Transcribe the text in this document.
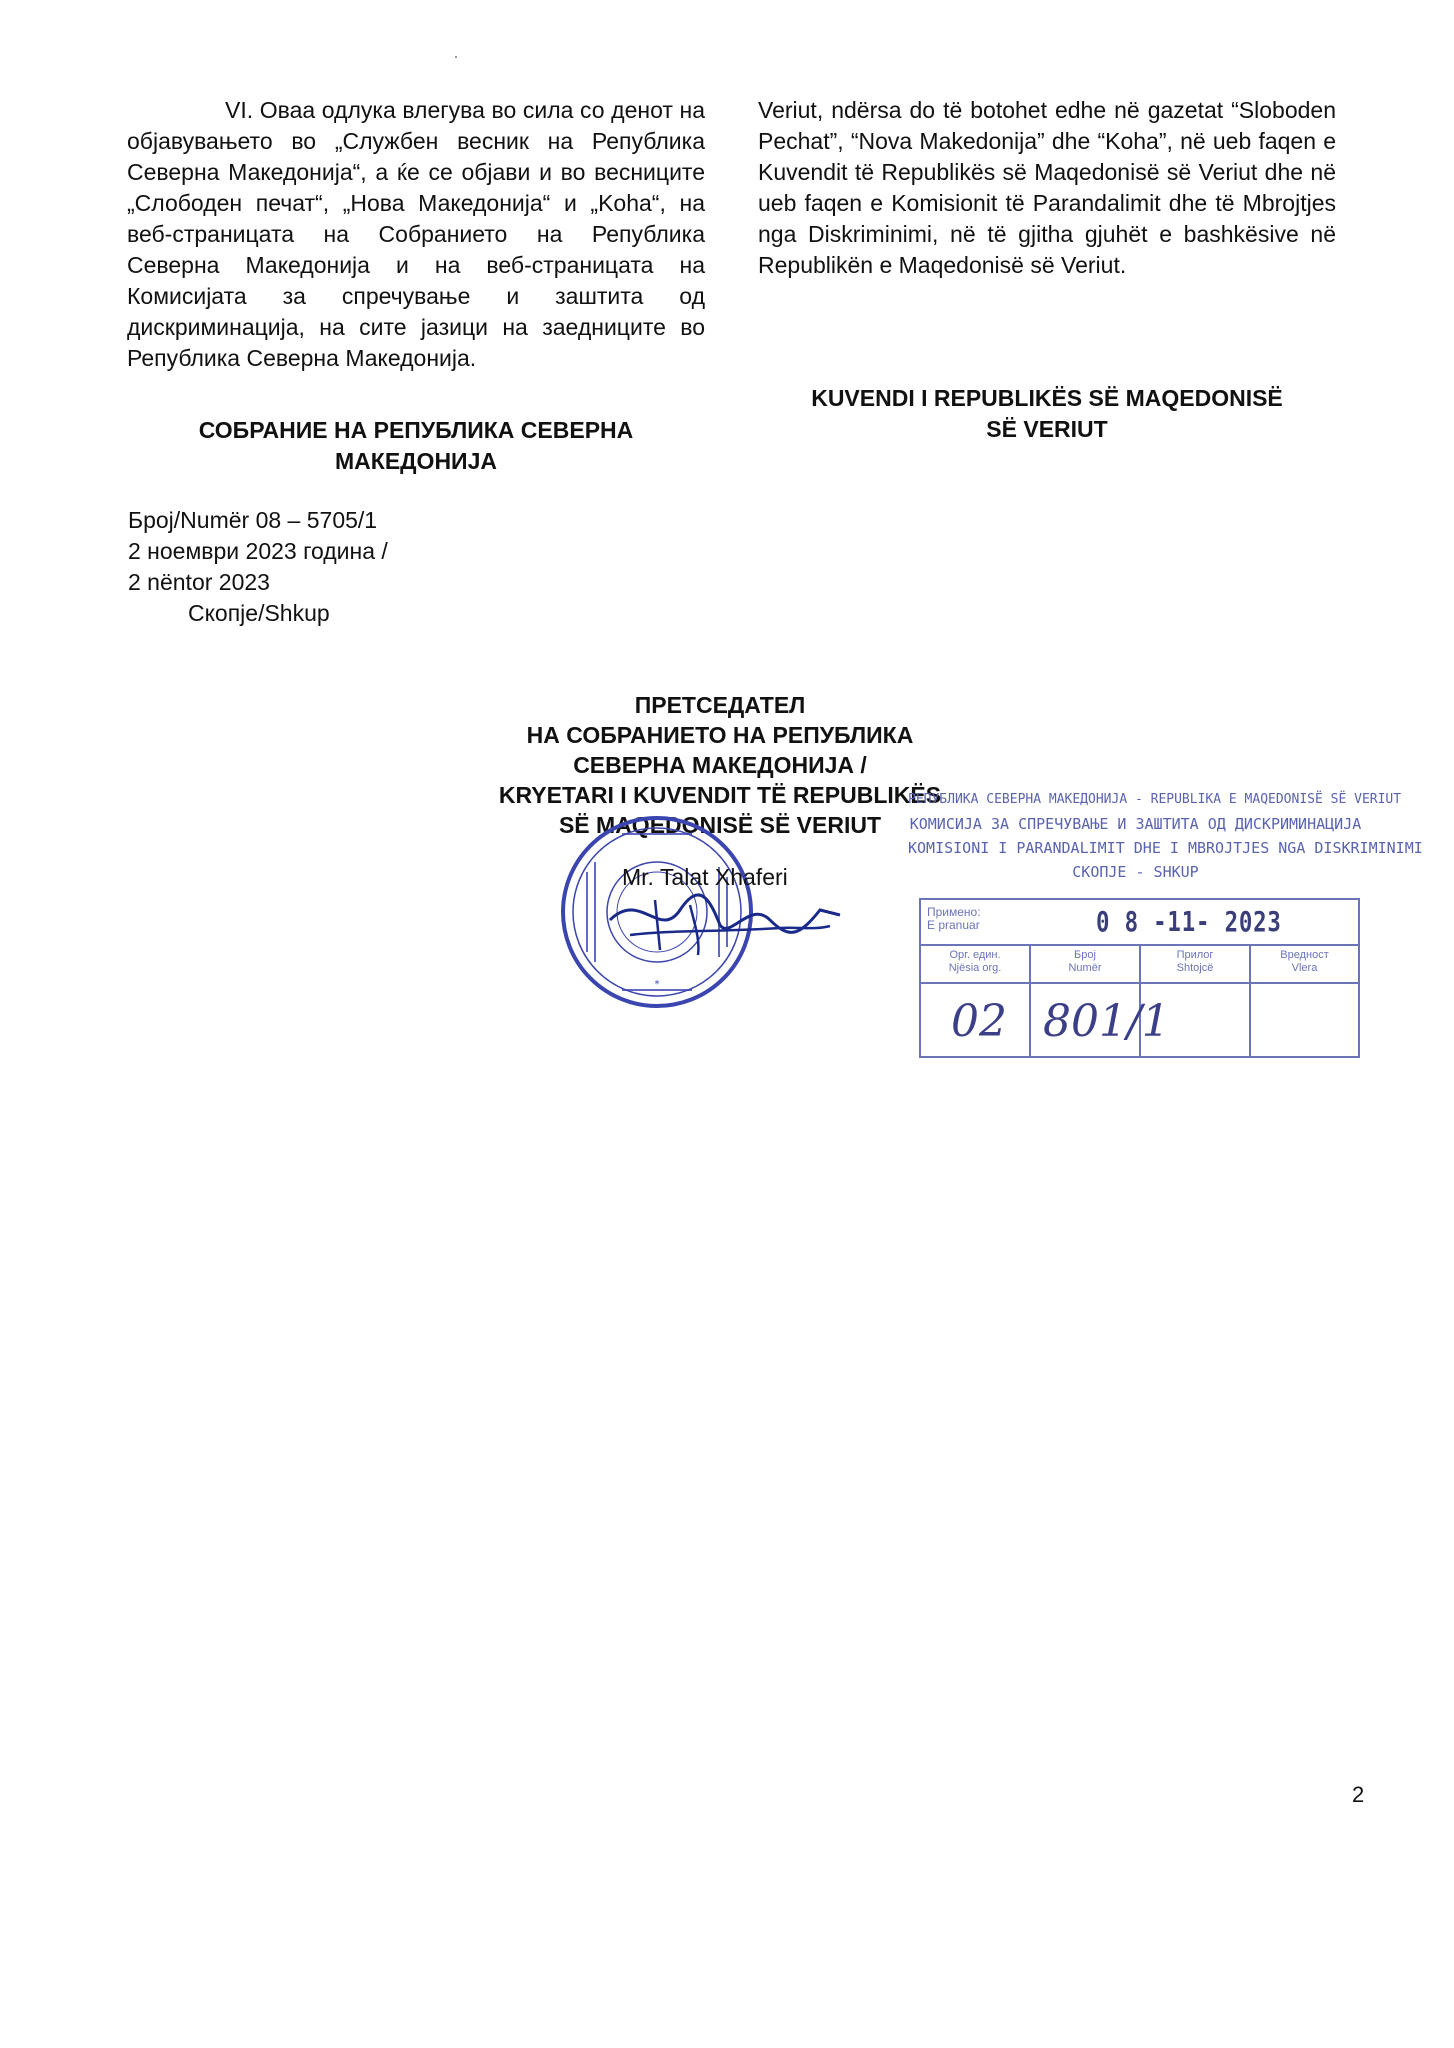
VI. Оваа одлука влегува во сила со денот на објавувањето во „Службен весник на Република Северна Македонија“, а ќе се објави и во весниците „Слободен печат“, „Нова Македонија“ и „Koha“, на веб-страницата на Собранието на Република Северна Македонија и на веб-страницата на Комисијата за спречување и заштита од дискриминација, на сите јазици на заедниците во Република Северна Македонија.

СОБРАНИЕ НА РЕПУБЛИКА СЕВЕРНА
МАКЕДОНИЈА

Veriut, ndërsa do të botohet edhe në gazetat “Sloboden Pechat”, “Nova Makedonija” dhe “Koha”, në ueb faqen e Kuvendit të Republikës së Maqedonisë së Veriut dhe në ueb faqen e Komisionit të Parandalimit dhe të Mbrojtjes nga Diskriminimi, në të gjitha gjuhët e bashkësive në Republikën e Maqedonisë së Veriut.

KUVENDI I REPUBLIKËS SË MAQEDONISË
SË VERIUT
Број/Numër 08 – 5705/1
2 ноември 2023 година /
2 nëntor 2023
Скопје/Shkup
ПРЕТСЕДАТЕЛ
НА СОБРАНИЕТО НА РЕПУБЛИКА
СЕВЕРНА МАКЕДОНИЈА /
KRYETARI I KUVENDIT TË REPUBLIKËS
SË MAQEDONISË SË VERIUT
*
Mr. Talat Xhaferi
РЕПУБЛИКА СЕВЕРНА МАКЕДОНИЈА - REPUBLIKA E MAQEDONISË SË VERIUT
КОМИСИЈА ЗА СПРЕЧУВАЊЕ И ЗАШТИТА ОД ДИСКРИМИНАЦИЈА
KOMISIONI I PARANDALIMIT DHE I MBROJTJES NGA DISKRIMINIMI
СКОПЈЕ - SHKUP
Примено:
E pranuar	0 8 -11- 2023
Орг. един.
Njësia org.
Број
Numër
Прилог
Shtojcë
Вредност
Vlera
02 801/1
2
